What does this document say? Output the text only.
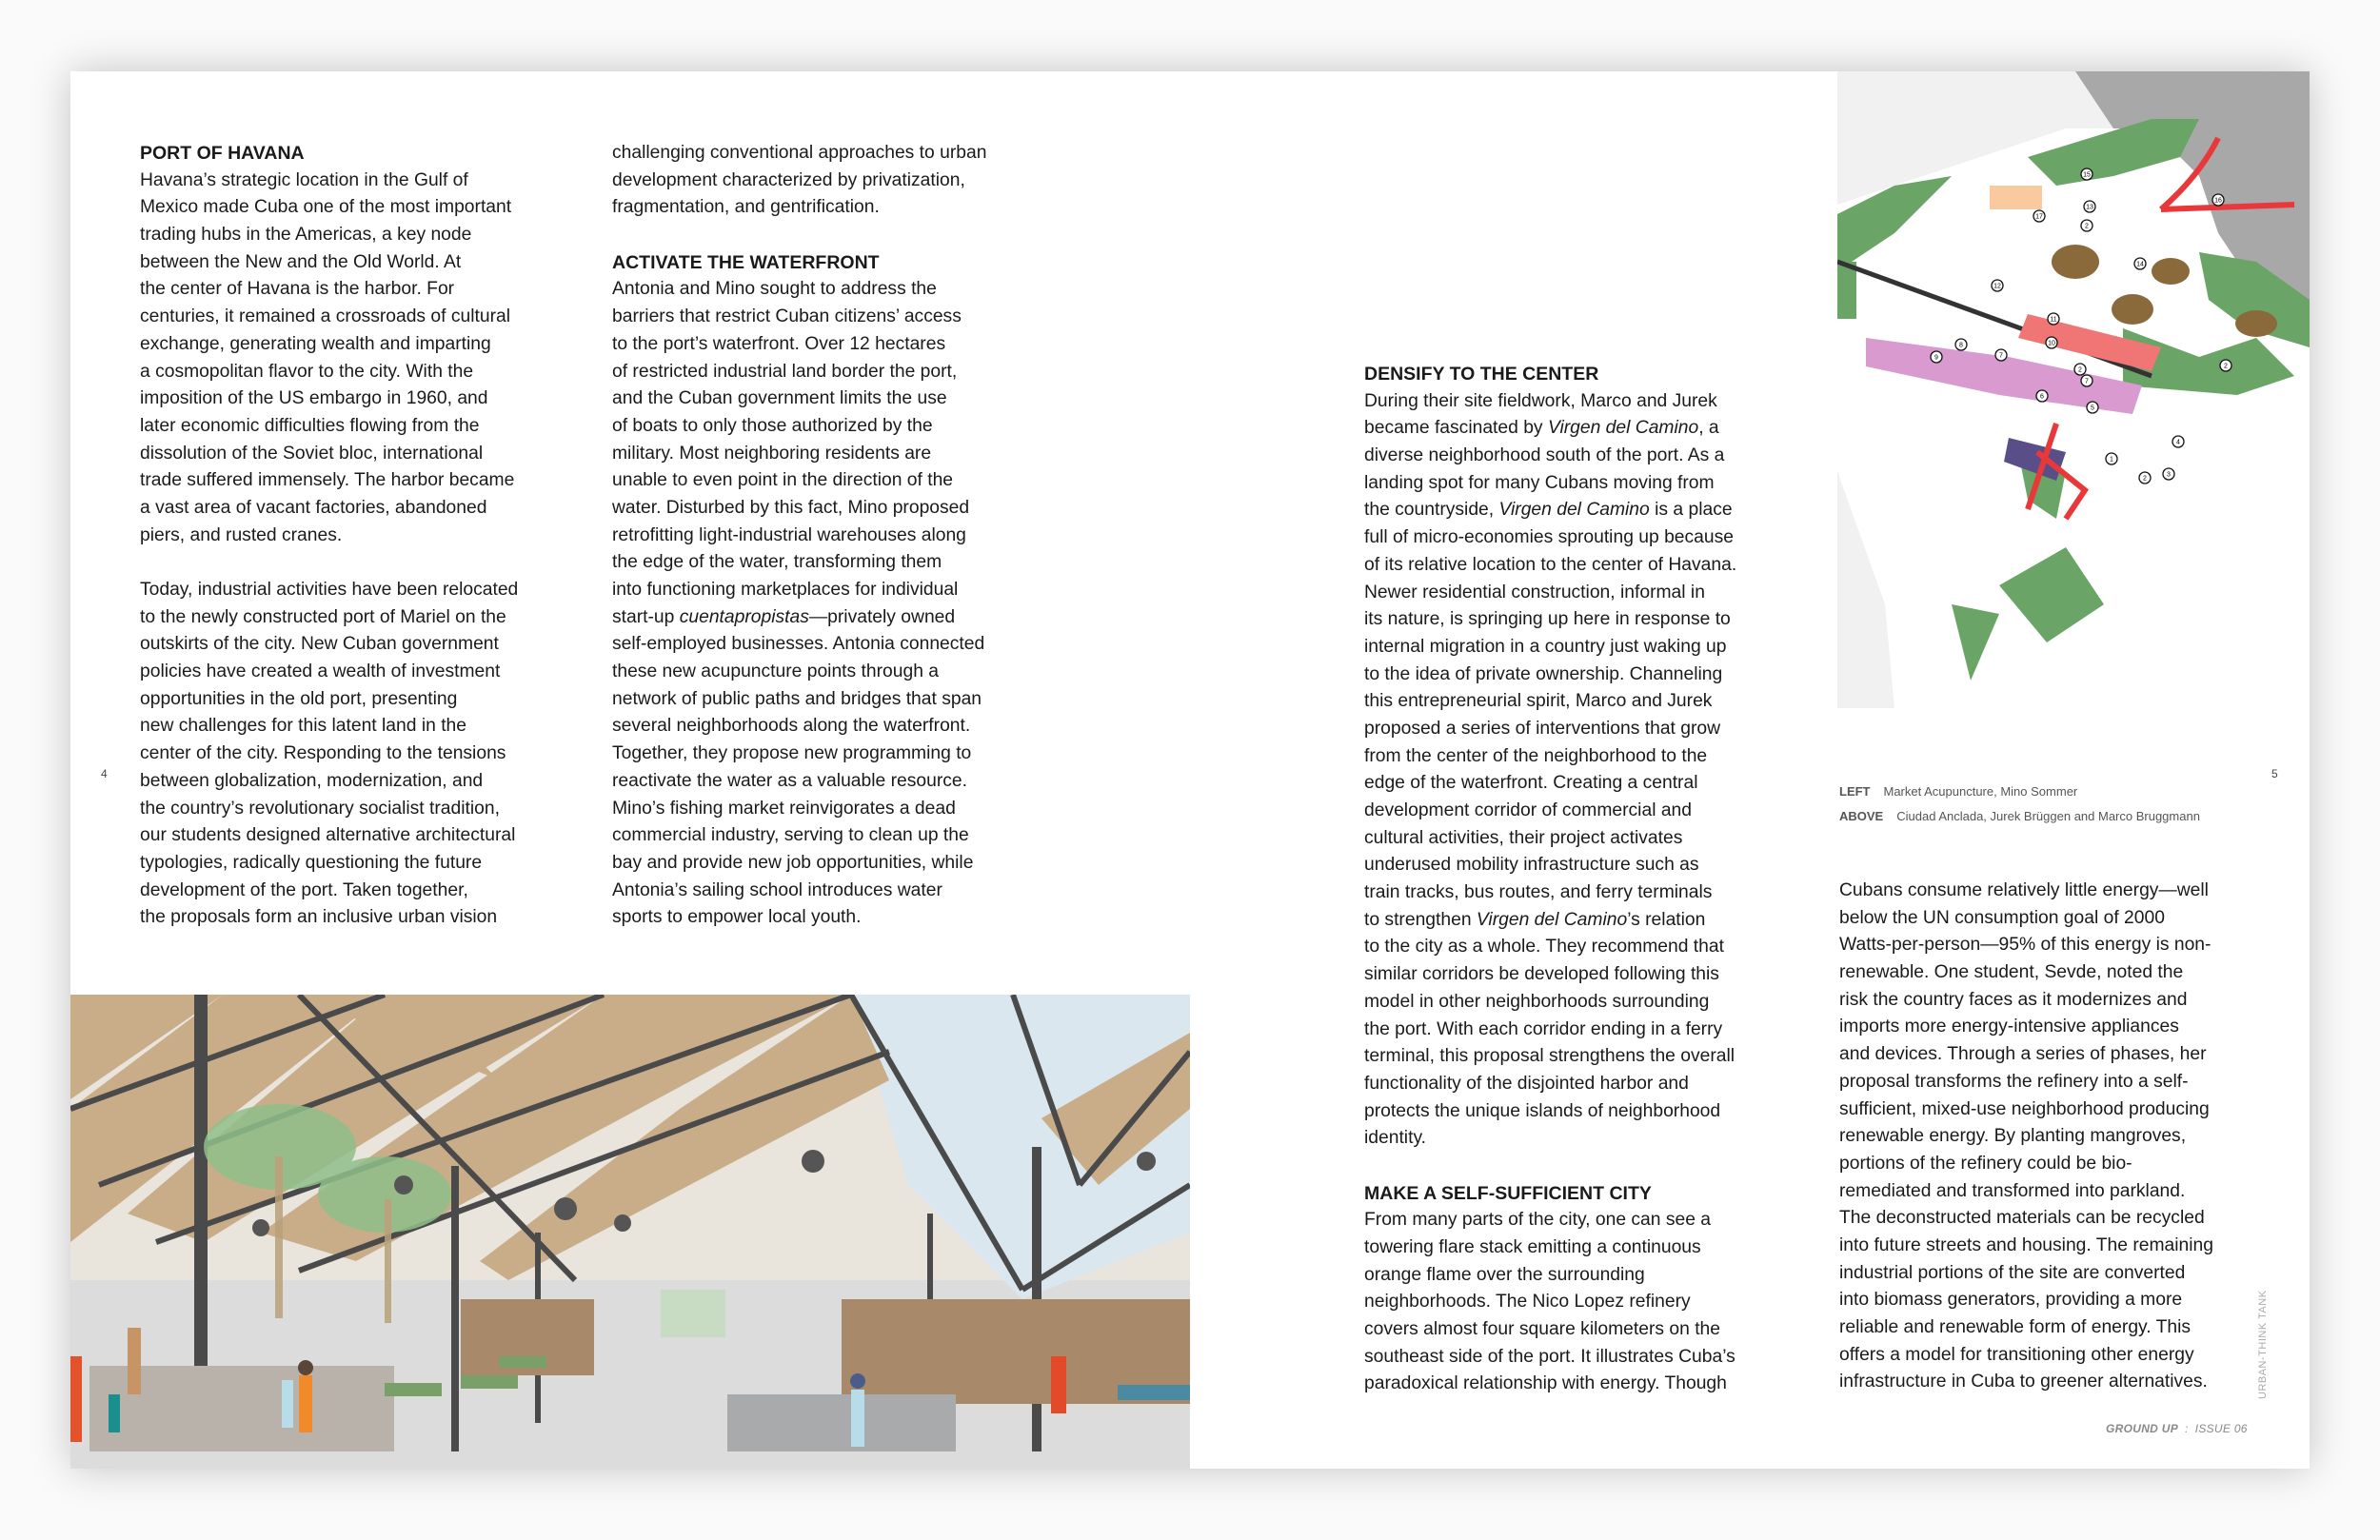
PORT OF HAVANA
Havana’s strategic location in the Gulf of
Mexico made Cuba one of the most important
trading hubs in the Americas, a key node
between the New and the Old World. At
the center of Havana is the harbor. For
centuries, it remained a crossroads of cultural
exchange, generating wealth and imparting
a cosmopolitan flavor to the city. With the
imposition of the US embargo in 1960, and
later economic difficulties flowing from the
dissolution of the Soviet bloc, international
trade suffered immensely. The harbor became
a vast area of vacant factories, abandoned
piers, and rusted cranes.
Today, industrial activities have been relocated
to the newly constructed port of Mariel on the
outskirts of the city. New Cuban government
policies have created a wealth of investment
opportunities in the old port, presenting
new challenges for this latent land in the
center of the city. Responding to the tensions
between globalization, modernization, and
the country’s revolutionary socialist tradition,
our students designed alternative architectural
typologies, radically questioning the future
development of the port. Taken together,
the proposals form an inclusive urban vision
challenging conventional approaches to urban
development characterized by privatization,
fragmentation, and gentrification.
ACTIVATE THE WATERFRONT
Antonia and Mino sought to address the
barriers that restrict Cuban citizens’ access
to the port’s waterfront. Over 12 hectares
of restricted industrial land border the port,
and the Cuban government limits the use
of boats to only those authorized by the
military. Most neighboring residents are
unable to even point in the direction of the
water. Disturbed by this fact, Mino proposed
retrofitting light-industrial warehouses along
the edge of the water, transforming them
into functioning marketplaces for individual
start-up cuentapropistas—privately owned
self-employed businesses. Antonia connected
these new acupuncture points through a
network of public paths and bridges that span
several neighborhoods along the waterfront.
Together, they propose new programming to
reactivate the water as a valuable resource.
Mino’s fishing market reinvigorates a dead
commercial industry, serving to clean up the
bay and provide new job opportunities, while
Antonia’s sailing school introduces water
sports to empower local youth.
DENSIFY TO THE CENTER
During their site fieldwork, Marco and Jurek
became fascinated by Virgen del Camino, a
diverse neighborhood south of the port. As a
landing spot for many Cubans moving from
the countryside, Virgen del Camino is a place
full of micro-economies sprouting up because
of its relative location to the center of Havana.
Newer residential construction, informal in
its nature, is springing up here in response to
internal migration in a country just waking up
to the idea of private ownership. Channeling
this entrepreneurial spirit, Marco and Jurek
proposed a series of interventions that grow
from the center of the neighborhood to the
edge of the waterfront. Creating a central
development corridor of commercial and
cultural activities, their project activates
underused mobility infrastructure such as
train tracks, bus routes, and ferry terminals
to strengthen Virgen del Camino’s relation
to the city as a whole. They recommend that
similar corridors be developed following this
model in other neighborhoods surrounding
the port. With each corridor ending in a ferry
terminal, this proposal strengthens the overall
functionality of the disjointed harbor and
protects the unique islands of neighborhood
identity.
MAKE A SELF-SUFFICIENT CITY
From many parts of the city, one can see a
towering flare stack emitting a continuous
orange flame over the surrounding
neighborhoods. The Nico Lopez refinery
covers almost four square kilometers on the
southeast side of the port. It illustrates Cuba’s
paradoxical relationship with energy. Though
Cubans consume relatively little energy—well
below the UN consumption goal of 2000
Watts-per-person—95% of this energy is non-
renewable. One student, Sevde, noted the
risk the country faces as it modernizes and
imports more energy-intensive appliances
and devices. Through a series of phases, her
proposal transforms the refinery into a self-
sufficient, mixed-use neighborhood producing
renewable energy. By planting mangroves,
portions of the refinery could be bio-
remediated and transformed into parkland.
The deconstructed materials can be recycled
into future streets and housing. The remaining
industrial portions of the site are converted
into biomass generators, providing a more
reliable and renewable form of energy. This
offers a model for transitioning other energy
infrastructure in Cuba to greener alternatives.
4	5
LEFT Market Acupuncture, Mino Sommer
ABOVE Ciudad Anclada, Jurek Brüggen and Marco Bruggmann
GROUND UP : ISSUE 06
URBAN-THINK TANK
15
13
17
2
16
14
12
11
10
8
9	7
2
7
6
5
4
1
2
3
2
